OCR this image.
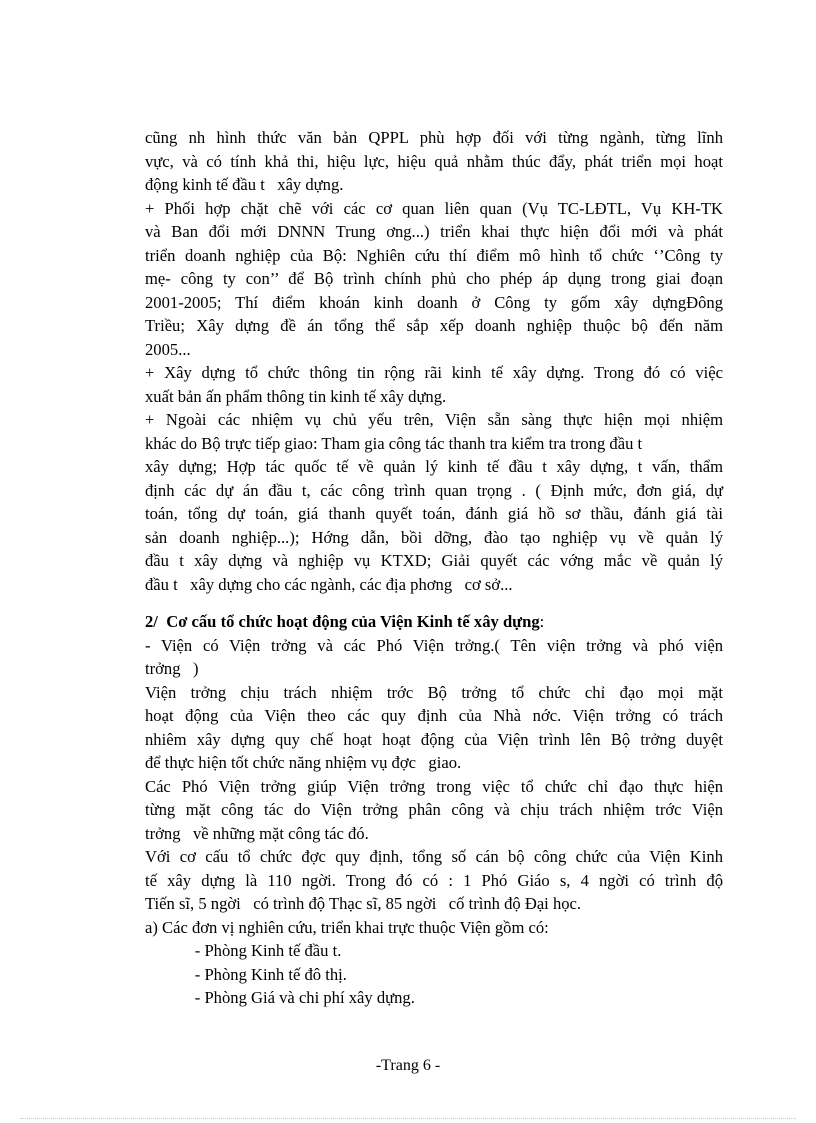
cũng nh hình thức văn bản QPPL phù hợp đối với từng ngành, từng lĩnh
vực, và có tính khả thi, hiệu lực, hiệu quả nhằm thúc đẩy, phát triển mọi hoạt
động kinh tế đầu t   xây dựng.
+ Phối hợp chặt chẽ với các cơ quan liên quan (Vụ TC-LĐTL, Vụ KH-TK
và Ban đổi mới DNNN Trung ơng...) triển khai thực hiện đổi mới và phát
triển doanh nghiệp của Bộ: Nghiên cứu thí điểm mô hình tổ chức ‘’Công ty
mẹ- công ty con’’ để Bộ trình chính phủ cho phép áp dụng trong giai đoạn
2001-2005; Thí điểm khoán kinh doanh ở Công ty gốm xây dựngĐông
Triều; Xây dựng đề án tổng thể sắp xếp doanh nghiệp thuộc bộ đến năm
2005...
+ Xây dựng tổ chức thông tin rộng rãi kinh tế xây dựng. Trong đó có việc
xuất bản ấn phẩm thông tin kinh tế xây dựng.
+ Ngoài các nhiệm vụ chủ yếu trên, Viện sẵn sàng thực hiện mọi nhiệm
khác do Bộ trực tiếp giao: Tham gia công tác thanh tra kiểm tra trong đầu t
xây dựng; Hợp tác quốc tế về quản lý kinh tế đầu t xây dựng, t vấn, thẩm
định các dự án đầu t, các công trình quan trọng . ( Định mức, đơn giá, dự
toán, tổng dự toán, giá thanh quyết toán, đánh giá hồ sơ thầu, đánh giá tài
sản doanh nghiệp...); Hớng dẫn, bồi dỡng, đào tạo nghiệp vụ về quản lý
đầu t xây dựng và nghiệp vụ KTXD; Giải quyết các vớng mắc về quản lý
đầu t   xây dựng cho các ngành, các địa phơng   cơ sở...
2/  Cơ cấu tổ chức hoạt động của Viện Kinh tế xây dựng:
- Viện có Viện trởng và các Phó Viện trởng.( Tên viện trởng và phó viện
trởng   )
Viện trởng chịu trách nhiệm trớc Bộ trởng tổ chức chỉ đạo mọi mặt
hoạt động của Viện theo các quy định của Nhà nớc. Viện trởng có trách
nhiêm xây dựng quy chế hoạt hoạt động của Viện trình lên Bộ trởng duyệt
để thực hiện tốt chức năng nhiệm vụ đợc   giao.
Các Phó Viện trởng giúp Viện trởng trong việc tổ chức chỉ đạo thực hiện
từng mặt công tác do Viện trởng phân công và chịu trách nhiệm trớc Viện
trởng   về những mặt công tác đó.
Với cơ cấu tổ chức đợc quy định, tổng số cán bộ công chức của Viện Kinh
tế xây dựng là 110 ngời. Trong đó có : 1 Phó Giáo s, 4 ngời có trình độ
Tiến sĩ, 5 ngời   có trình độ Thạc sĩ, 85 ngời   cố trình độ Đại học.
a) Các đơn vị nghiên cứu, triển khai trực thuộc Viện gồm có:
- Phòng Kinh tế đầu t.
- Phòng Kinh tế đô thị.
- Phòng Giá và chi phí xây dựng.
-Trang 6 -
